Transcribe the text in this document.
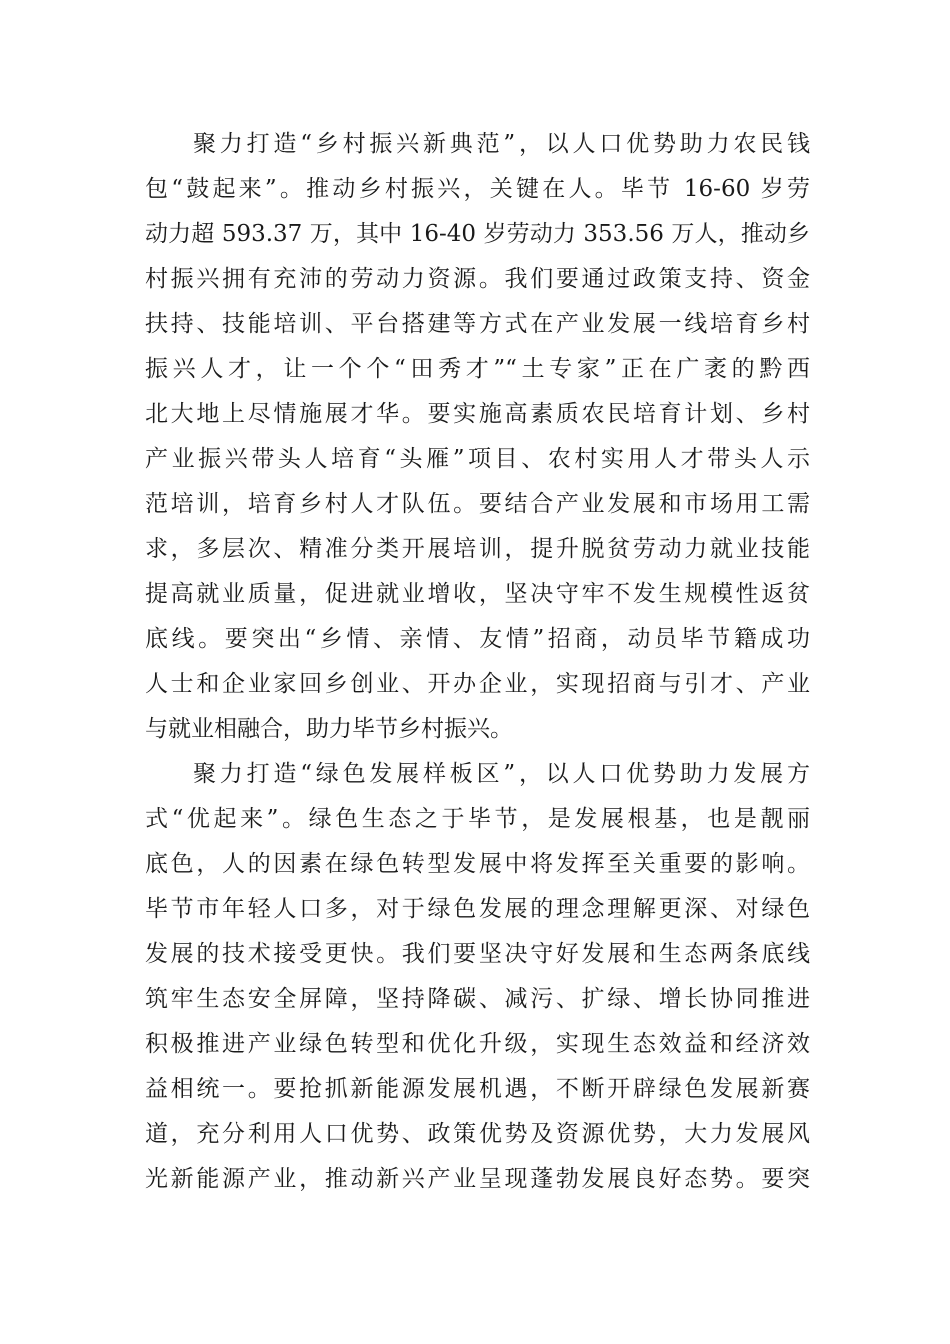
聚力打造“乡村振兴新典范”，以人口优势助力农民钱
包“鼓起来”。推动乡村振兴，关键在人。毕节 16-60 岁劳
动力超 593.37 万，其中 16-40 岁劳动力 353.56 万人，推动乡
村振兴拥有充沛的劳动力资源。我们要通过政策支持、资金
扶持、技能培训、平台搭建等方式在产业发展一线培育乡村
振兴人才，让一个个“田秀才”“土专家”正在广袤的黔西
北大地上尽情施展才华。要实施高素质农民培育计划、乡村
产业振兴带头人培育“头雁”项目、农村实用人才带头人示
范培训，培育乡村人才队伍。要结合产业发展和市场用工需
求，多层次、精准分类开展培训，提升脱贫劳动力就业技能
提高就业质量，促进就业增收，坚决守牢不发生规模性返贫
底线。要突出“乡情、亲情、友情”招商，动员毕节籍成功
人士和企业家回乡创业、开办企业，实现招商与引才、产业
与就业相融合，助力毕节乡村振兴。

聚力打造“绿色发展样板区”，以人口优势助力发展方
式“优起来”。绿色生态之于毕节，是发展根基，也是靓丽
底色，人的因素在绿色转型发展中将发挥至关重要的影响。
毕节市年轻人口多，对于绿色发展的理念理解更深、对绿色
发展的技术接受更快。我们要坚决守好发展和生态两条底线
筑牢生态安全屏障，坚持降碳、减污、扩绿、增长协同推进
积极推进产业绿色转型和优化升级，实现生态效益和经济效
益相统一。要抢抓新能源发展机遇，不断开辟绿色发展新赛
道，充分利用人口优势、政策优势及资源优势，大力发展风
光新能源产业，推动新兴产业呈现蓬勃发展良好态势。要突
